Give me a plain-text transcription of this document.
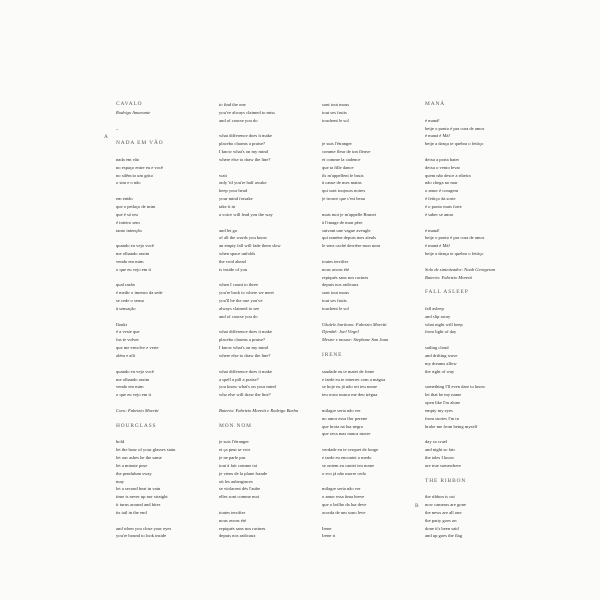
A
B
CAVALO
Rodrigo Amarante
–
NADA EM VÃO
nada em vão
no espaço entre eu e você
no silêncio um grito
o sim e o não
em então
que o pedaço de mim
que é só teu
é inteiro sem
tanto intenção
quando eu vejo você
me olhando assim
vendo em mim
o que eu vejo em ti
qual razão
é medir o imenso da sede
se cede o senso
à sensação
Ilonkt
é a veste que
fus te volver
que me envolve e verte
além e afã
quando eu vejo você
me olhando assim
vendo em mim
o que eu vejo em ti
Coro: Fabrizio Moretti
HOURGLASS
hold
let the hour of your glasses stain
let our ashes be the same
let a minute pose
the pendulum sway
may
let a second beat in vain
time is never up nor straight
it turns around and bites
its tail in the end
and when you close your eyes
you're bound to look inside
to find the one
you've always claimed to miss
and of course you do
what difference does it make
placebo charms a praise?
I know what's on my mind
where else to draw the line?
wait
only 'til you're half awake
keep your head
your mind forsake
take it in
a voice will lead you the way
and let go
of all the words you know
an empty fall will fade them slow
when space unfolds
the void ahead
is inside of you
when I count to three
you're back to where we meet
you'll be the one you've
always claimed to see
and of course you do
what difference does it make
placebo charms a praise?
I know what's on my mind
where else to draw the line?
what difference does it make
a spell a pill a praise?
you know what's on your mind
who else will draw the line?
Bateria: Fabrizio Moretti e Rodrigo Barba
MON NOM
je suis l'étranger
et ça peut se voir
je ne parle pas
tout à fait comme toi
je viens de la plane frande
où les auberginces
se violacent dès l'aube
elles sont comme moi
toutes terrifier
nous avons été
repiqués sans nos racines
depuis nos radicaux
sont tout mous
tout ses fruits
touchent le sol
je suis l'étranger
comme fleur de ton fleuve
et comme la cadence
que ta fille dance
ils m'appellent le bruis
à cause de mes mains
qui sont toujours noires
je trouve que c'est beau
mais moi je m'appelle Brunet
à l'image de mon père
suivant une vague aveugle
qui ramène depuis mes aïeuls
le sens caché derrière mon nom
toutes terrifier
nous avons été
repiqués sans nos racines
depuis nos radicaux
sont tout mous
tout ses fruits
touchent le sol
Ukulele barítono: Fabrizio Moretti
Djembê: Joel Virgel
Mestre e mouse: Stephane San Juan
IRENE
saudade eu te matei de fome
e tarde eu te enterrei com a mágoa
se hoje eu já não sei teu nome
teu rosto nunca me deu trégua
milagre seria não ver
no amor essa flor perene
que brota na lua negra
que seca mas nunca morre
verdade eu te cerquei de longe
e tarde eu encontei o medo
se ontem eu cantei teu nome
o eco já não morre cedo
milagre seria não ver
o amor essa ítma breve
que o brilho da lua deve
acorda de um sono leve
Irene
Irene ri
MANÁ
é maná!
beije o ponto é pra cura de amor
é maná é Má!
beije a dança te quebra o feitiço
deixa a porta bater
deixa o vento levar
quem não desce a ribeira
não chega no mar
o amor é coragem
é feitiço da sorte
é o ponto mais forte
é saber se amar
é maná!
beije o ponto é pra cura de amor
é maná é Má!
beije a dança te quebra o feitiço
Solo de sintetizador: Noah Georgeson
Bateria: Fabrizio Moretti
FALL ASLEEP
fall asleep
and slip away
what night will keep
from light of day
sailing cloud
and drifting wave
my dreams allow
the right of way
something I'll even dare to know
let that be my name
open like I'm alone
empty my eyes
from stories I'm in
broke me from being myself
day so cruel
and night so fair
the tales I know
are true somewhere
THE RIBBON
the ribbon is cut
now cameras are gone
the news are all one
the party goes on
done it's been said
and up goes the flag
